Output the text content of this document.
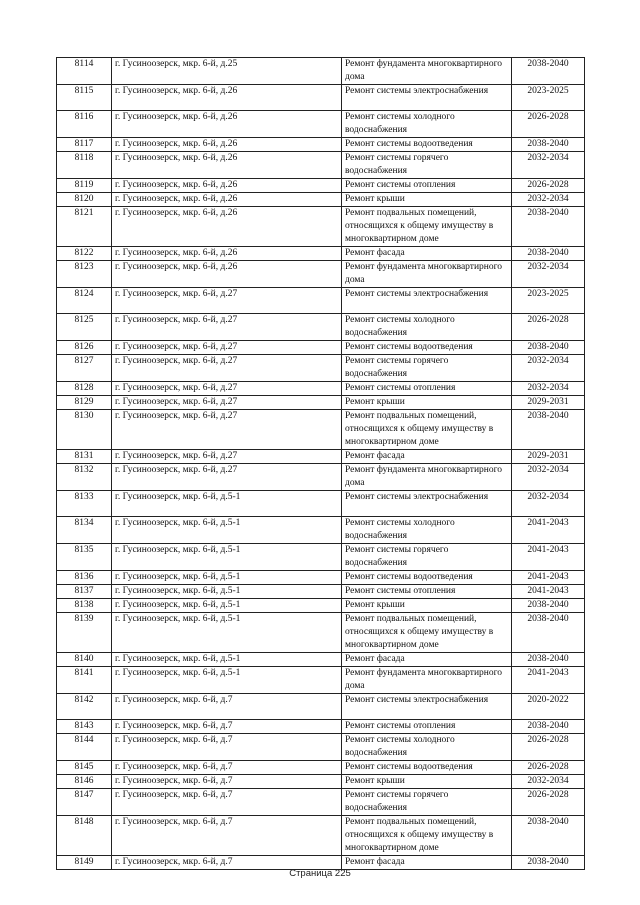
8114	г. Гусиноозерск, мкр. 6-й, д.25	Ремонт фундамента многоквартирного дома	2038-2040
8115	г. Гусиноозерск, мкр. 6-й, д.26	Ремонт системы электроснабжения	2023-2025
8116	г. Гусиноозерск, мкр. 6-й, д.26	Ремонт системы холодного водоснабжения	2026-2028
8117	г. Гусиноозерск, мкр. 6-й, д.26	Ремонт системы водоотведения	2038-2040
8118	г. Гусиноозерск, мкр. 6-й, д.26	Ремонт системы горячего водоснабжения	2032-2034
8119	г. Гусиноозерск, мкр. 6-й, д.26	Ремонт системы отопления	2026-2028
8120	г. Гусиноозерск, мкр. 6-й, д.26	Ремонт крыши	2032-2034
8121	г. Гусиноозерск, мкр. 6-й, д.26	Ремонт подвальных помещений, относящихся к общему имуществу в многоквартирном доме	2038-2040
8122	г. Гусиноозерск, мкр. 6-й, д.26	Ремонт фасада	2038-2040
8123	г. Гусиноозерск, мкр. 6-й, д.26	Ремонт фундамента многоквартирного дома	2032-2034
8124	г. Гусиноозерск, мкр. 6-й, д.27	Ремонт системы электроснабжения	2023-2025
8125	г. Гусиноозерск, мкр. 6-й, д.27	Ремонт системы холодного водоснабжения	2026-2028
8126	г. Гусиноозерск, мкр. 6-й, д.27	Ремонт системы водоотведения	2038-2040
8127	г. Гусиноозерск, мкр. 6-й, д.27	Ремонт системы горячего водоснабжения	2032-2034
8128	г. Гусиноозерск, мкр. 6-й, д.27	Ремонт системы отопления	2032-2034
8129	г. Гусиноозерск, мкр. 6-й, д.27	Ремонт крыши	2029-2031
8130	г. Гусиноозерск, мкр. 6-й, д.27	Ремонт подвальных помещений, относящихся к общему имуществу в многоквартирном доме	2038-2040
8131	г. Гусиноозерск, мкр. 6-й, д.27	Ремонт фасада	2029-2031
8132	г. Гусиноозерск, мкр. 6-й, д.27	Ремонт фундамента многоквартирного дома	2032-2034
8133	г. Гусиноозерск, мкр. 6-й, д.5-1	Ремонт системы электроснабжения	2032-2034
8134	г. Гусиноозерск, мкр. 6-й, д.5-1	Ремонт системы холодного водоснабжения	2041-2043
8135	г. Гусиноозерск, мкр. 6-й, д.5-1	Ремонт системы горячего водоснабжения	2041-2043
8136	г. Гусиноозерск, мкр. 6-й, д.5-1	Ремонт системы водоотведения	2041-2043
8137	г. Гусиноозерск, мкр. 6-й, д.5-1	Ремонт системы отопления	2041-2043
8138	г. Гусиноозерск, мкр. 6-й, д.5-1	Ремонт крыши	2038-2040
8139	г. Гусиноозерск, мкр. 6-й, д.5-1	Ремонт подвальных помещений, относящихся к общему имуществу в многоквартирном доме	2038-2040
8140	г. Гусиноозерск, мкр. 6-й, д.5-1	Ремонт фасада	2038-2040
8141	г. Гусиноозерск, мкр. 6-й, д.5-1	Ремонт фундамента многоквартирного дома	2041-2043
8142	г. Гусиноозерск, мкр. 6-й, д.7	Ремонт системы электроснабжения	2020-2022
8143	г. Гусиноозерск, мкр. 6-й, д.7	Ремонт системы отопления	2038-2040
8144	г. Гусиноозерск, мкр. 6-й, д.7	Ремонт системы холодного водоснабжения	2026-2028
8145	г. Гусиноозерск, мкр. 6-й, д.7	Ремонт системы водоотведения	2026-2028
8146	г. Гусиноозерск, мкр. 6-й, д.7	Ремонт крыши	2032-2034
8147	г. Гусиноозерск, мкр. 6-й, д.7	Ремонт системы горячего водоснабжения	2026-2028
8148	г. Гусиноозерск, мкр. 6-й, д.7	Ремонт подвальных помещений, относящихся к общему имуществу в многоквартирном доме	2038-2040
8149	г. Гусиноозерск, мкр. 6-й, д.7	Ремонт фасада	2038-2040
Страница 225
